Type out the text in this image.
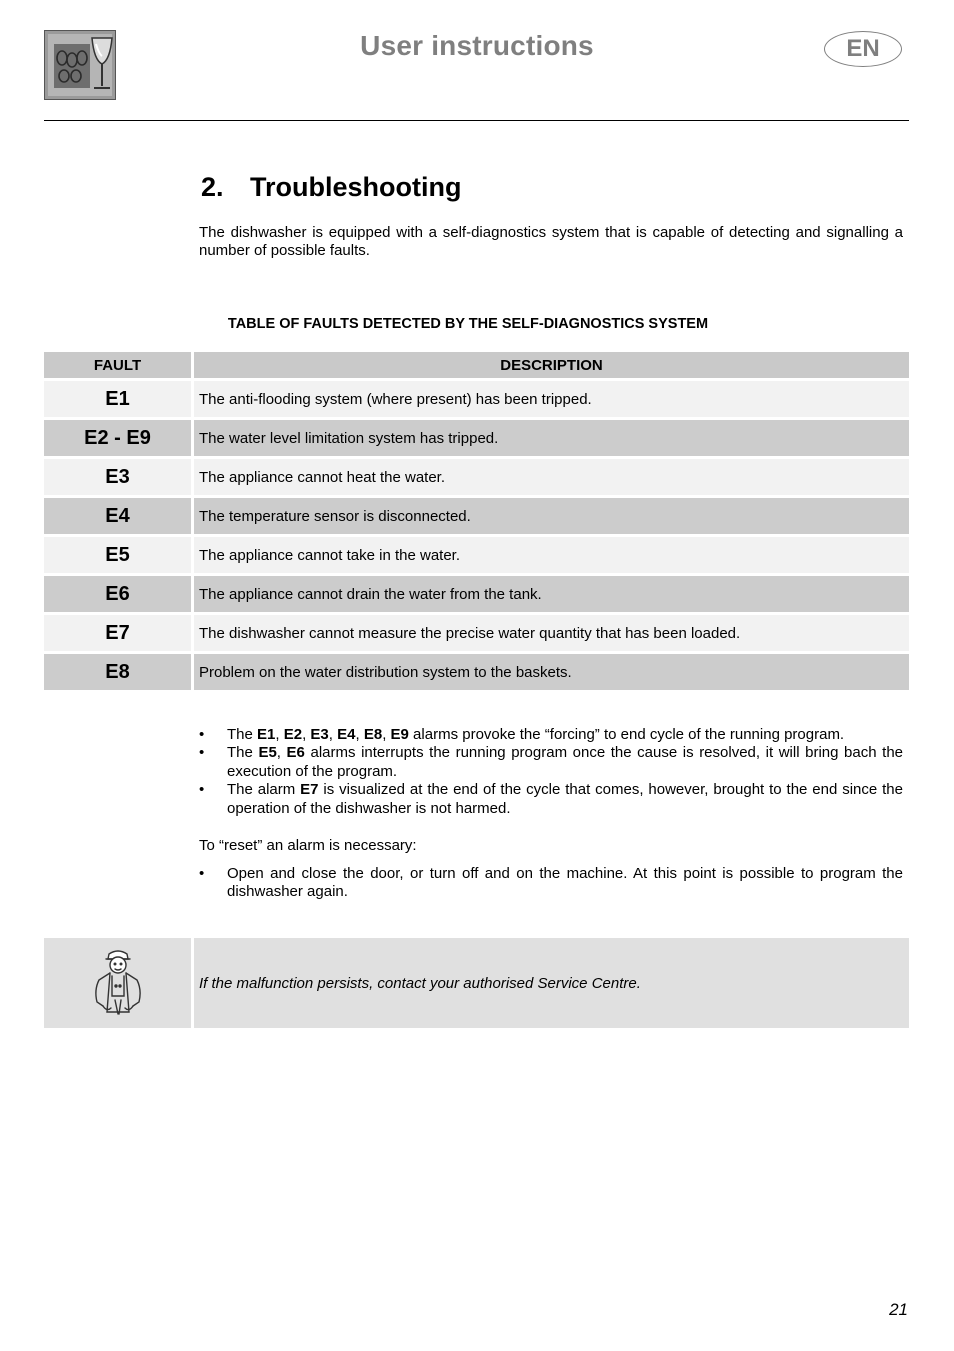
User instructions	EN
2. Troubleshooting
The dishwasher is equipped with a self-diagnostics system that is capable of detecting and signalling a number of possible faults.
TABLE OF FAULTS DETECTED BY THE SELF-DIAGNOSTICS SYSTEM
FAULT	DESCRIPTION
E1	The anti-flooding system (where present) has been tripped.
E2 - E9	The water level limitation system has tripped.
E3	The appliance cannot heat the water.
E4	The temperature sensor is disconnected.
E5	The appliance cannot take in the water.
E6	The appliance cannot drain the water from the tank.
E7	The dishwasher cannot measure the precise water quantity that has been loaded.
E8	Problem on the water distribution system to the baskets.
• The E1, E2, E3, E4, E8, E9 alarms provoke the “forcing” to end cycle of the running program.
• The E5, E6 alarms interrupts the running program once the cause is resolved, it will bring bach the execution of the program.
• The alarm E7 is visualized at the end of the cycle that comes, however, brought to the end since the operation of the dishwasher is not harmed.
To “reset” an alarm is necessary:
• Open and close the door, or turn off and on the machine. At this point is possible to program the dishwasher again.
If the malfunction persists, contact your authorised Service Centre.
21
